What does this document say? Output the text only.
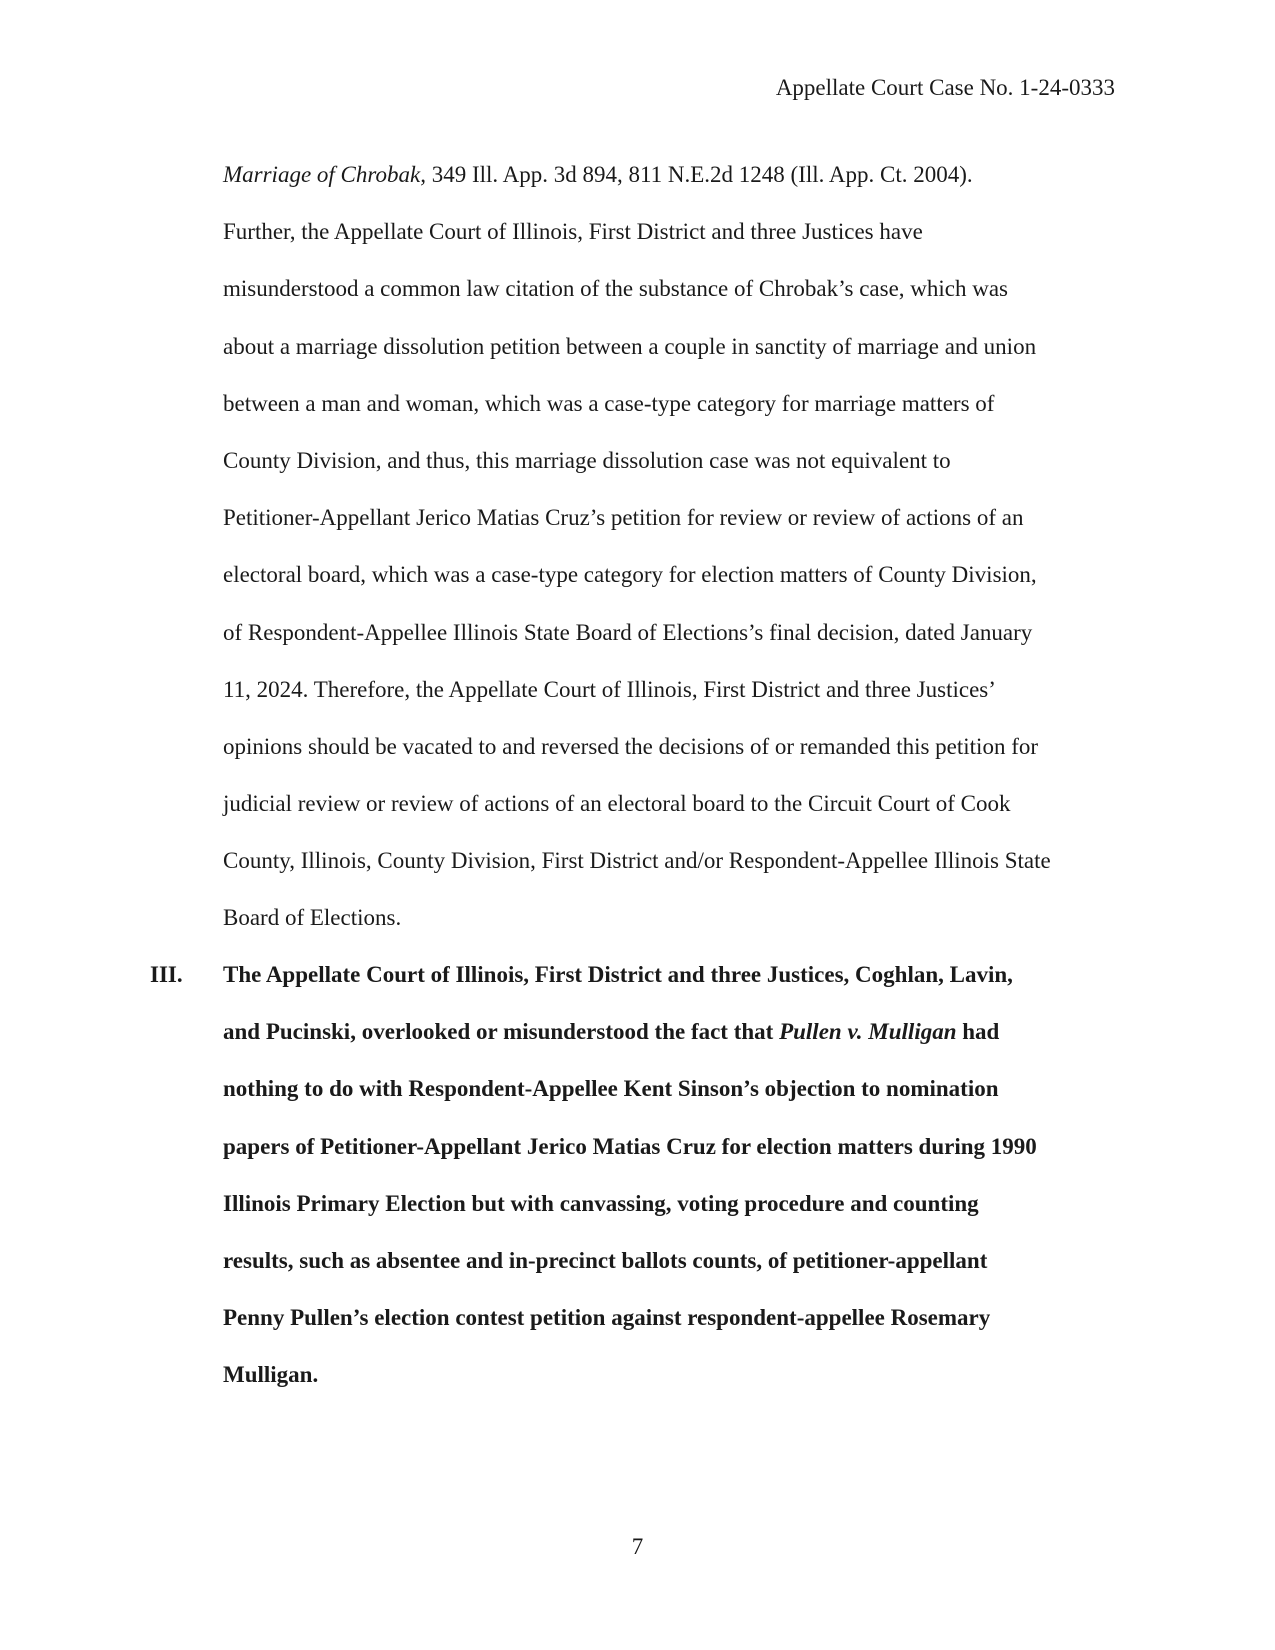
Appellate Court Case No. 1-24-0333
Marriage of Chrobak, 349 Ill. App. 3d 894, 811 N.E.2d 1248 (Ill. App. Ct. 2004).
Further, the Appellate Court of Illinois, First District and three Justices have
misunderstood a common law citation of the substance of Chrobak’s case, which was
about a marriage dissolution petition between a couple in sanctity of marriage and union
between a man and woman, which was a case-type category for marriage matters of
County Division, and thus, this marriage dissolution case was not equivalent to
Petitioner-Appellant Jerico Matias Cruz’s petition for review or review of actions of an
electoral board, which was a case-type category for election matters of County Division,
of Respondent-Appellee Illinois State Board of Elections’s final decision, dated January
11, 2024. Therefore, the Appellate Court of Illinois, First District and three Justices’
opinions should be vacated to and reversed the decisions of or remanded this petition for
judicial review or review of actions of an electoral board to the Circuit Court of Cook
County, Illinois, County Division, First District and/or Respondent-Appellee Illinois State
Board of Elections.
III. The Appellate Court of Illinois, First District and three Justices, Coghlan, Lavin,
and Pucinski, overlooked or misunderstood the fact that Pullen v. Mulligan had
nothing to do with Respondent-Appellee Kent Sinson’s objection to nomination
papers of Petitioner-Appellant Jerico Matias Cruz for election matters during 1990
Illinois Primary Election but with canvassing, voting procedure and counting
results, such as absentee and in-precinct ballots counts, of petitioner-appellant
Penny Pullen’s election contest petition against respondent-appellee Rosemary
Mulligan.
7
